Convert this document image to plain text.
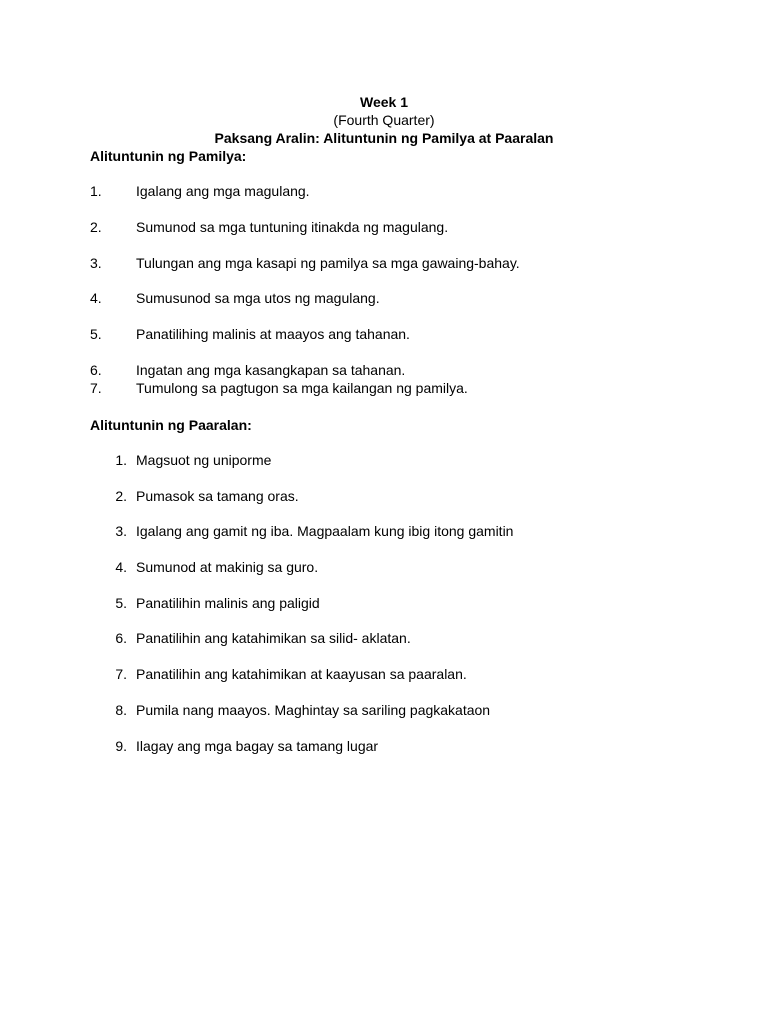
Week 1
(Fourth Quarter)
Paksang Aralin: Alituntunin ng Pamilya at Paaralan
Alituntunin ng Pamilya:
1. Igalang ang mga magulang.
2. Sumunod sa mga tuntuning itinakda ng magulang.
3. Tulungan ang mga kasapi ng pamilya sa mga gawaing-bahay.
4. Sumusunod sa mga utos ng magulang.
5. Panatilihing malinis at maayos ang tahanan.
6. Ingatan ang mga kasangkapan sa tahanan.
7. Tumulong sa pagtugon sa mga kailangan ng pamilya.
Alituntunin ng Paaralan:
1. Magsuot ng uniporme
2. Pumasok sa tamang oras.
3. Igalang ang gamit ng iba. Magpaalam kung ibig itong gamitin
4. Sumunod at makinig sa guro.
5. Panatilihin malinis ang paligid
6. Panatilihin ang katahimikan sa silid- aklatan.
7. Panatilihin ang katahimikan at kaayusan sa paaralan.
8. Pumila nang maayos. Maghintay sa sariling pagkakataon
9. Ilagay ang mga bagay sa tamang lugar
